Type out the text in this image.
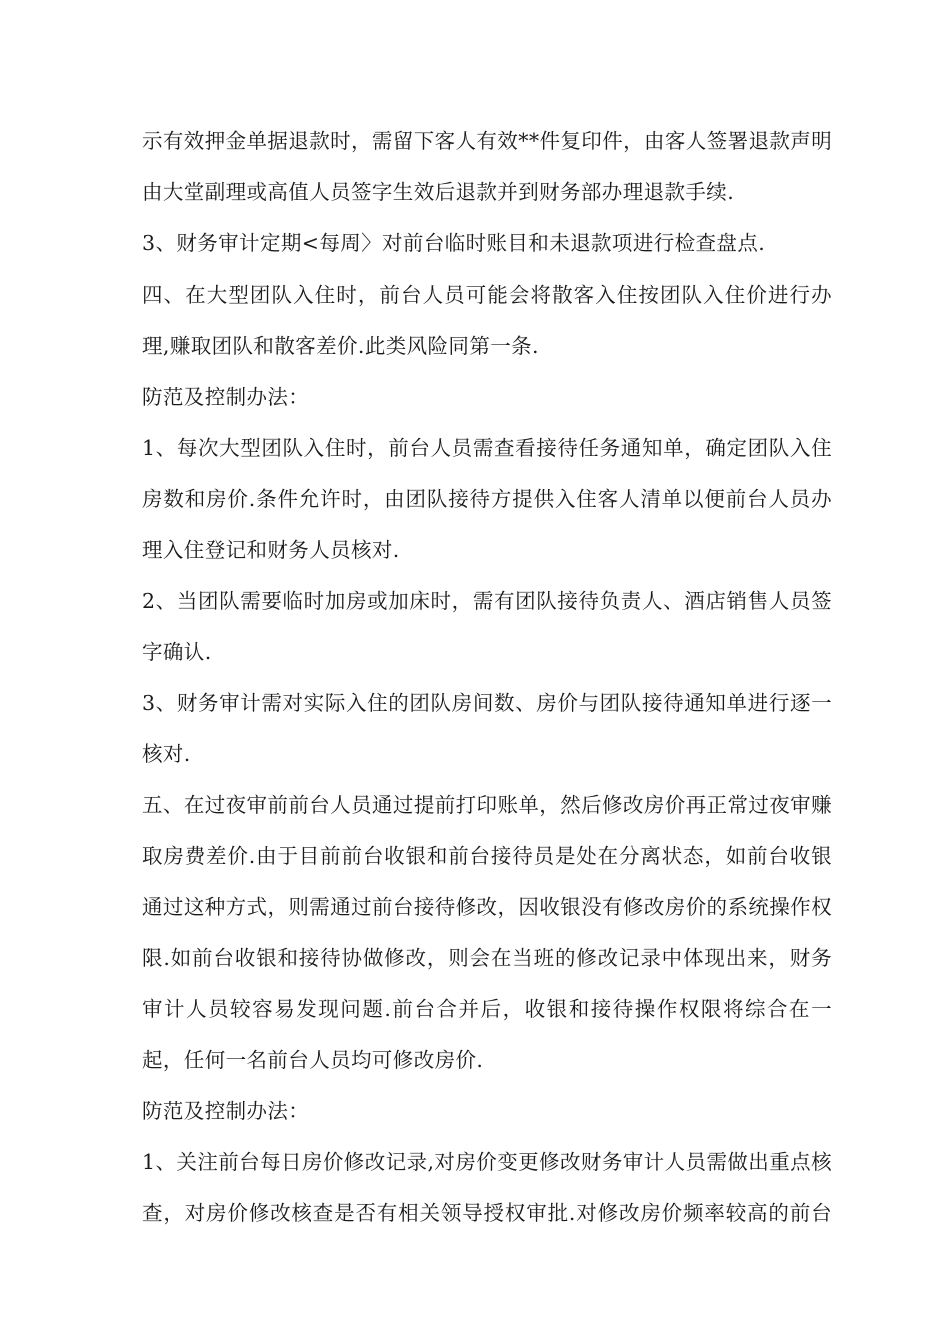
示有效押金单据退款时，需留下客人有效**件复印件，由客人签署退款声明
由大堂副理或高值人员签字生效后退款并到财务部办理退款手续.
3、财务审计定期<每周〉对前台临时账目和未退款项进行检查盘点.
四、在大型团队入住时，前台人员可能会将散客入住按团队入住价进行办
理,赚取团队和散客差价.此类风险同第一条.
防范及控制办法：
1、每次大型团队入住时，前台人员需查看接待任务通知单，确定团队入住
房数和房价.条件允许时，由团队接待方提供入住客人清单以便前台人员办
理入住登记和财务人员核对.
2、当团队需要临时加房或加床时，需有团队接待负责人、酒店销售人员签
字确认.
3、财务审计需对实际入住的团队房间数、房价与团队接待通知单进行逐一
核对.
五、在过夜审前前台人员通过提前打印账单，然后修改房价再正常过夜审赚
取房费差价.由于目前前台收银和前台接待员是处在分离状态，如前台收银
通过这种方式，则需通过前台接待修改，因收银没有修改房价的系统操作权
限.如前台收银和接待协做修改，则会在当班的修改记录中体现出来，财务
审计人员较容易发现问题.前台合并后，收银和接待操作权限将综合在一
起，任何一名前台人员均可修改房价.
防范及控制办法：
1、关注前台每日房价修改记录,对房价变更修改财务审计人员需做出重点核
查，对房价修改核查是否有相关领导授权审批.对修改房价频率较高的前台
